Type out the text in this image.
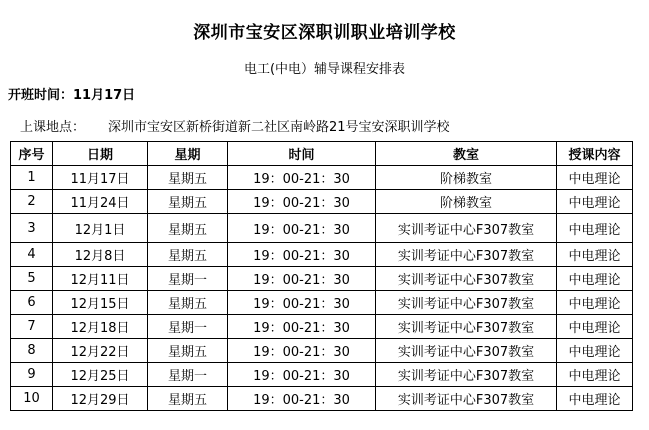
深圳市宝安区深职训职业培训学校
电工(中电）辅导课程安排表
开班时间：11月17日
上课地点： 深圳市宝安区新桥街道新二社区南岭路21号宝安深职训学校
序号	日期	星期	时间	教室	授课内容
1	11月17日	星期五	19：00-21：30	阶梯教室	中电理论
2	11月24日	星期五	19：00-21：30	阶梯教室	中电理论
3	12月1日	星期五	19：00-21：30	实训考证中心F307教室	中电理论
4	12月8日	星期五	19：00-21：30	实训考证中心F307教室	中电理论
5	12月11日	星期一	19：00-21：30	实训考证中心F307教室	中电理论
6	12月15日	星期五	19：00-21：30	实训考证中心F307教室	中电理论
7	12月18日	星期一	19：00-21：30	实训考证中心F307教室	中电理论
8	12月22日	星期五	19：00-21：30	实训考证中心F307教室	中电理论
9	12月25日	星期一	19：00-21：30	实训考证中心F307教室	中电理论
10	12月29日	星期五	19：00-21：30	实训考证中心F307教室	中电理论
